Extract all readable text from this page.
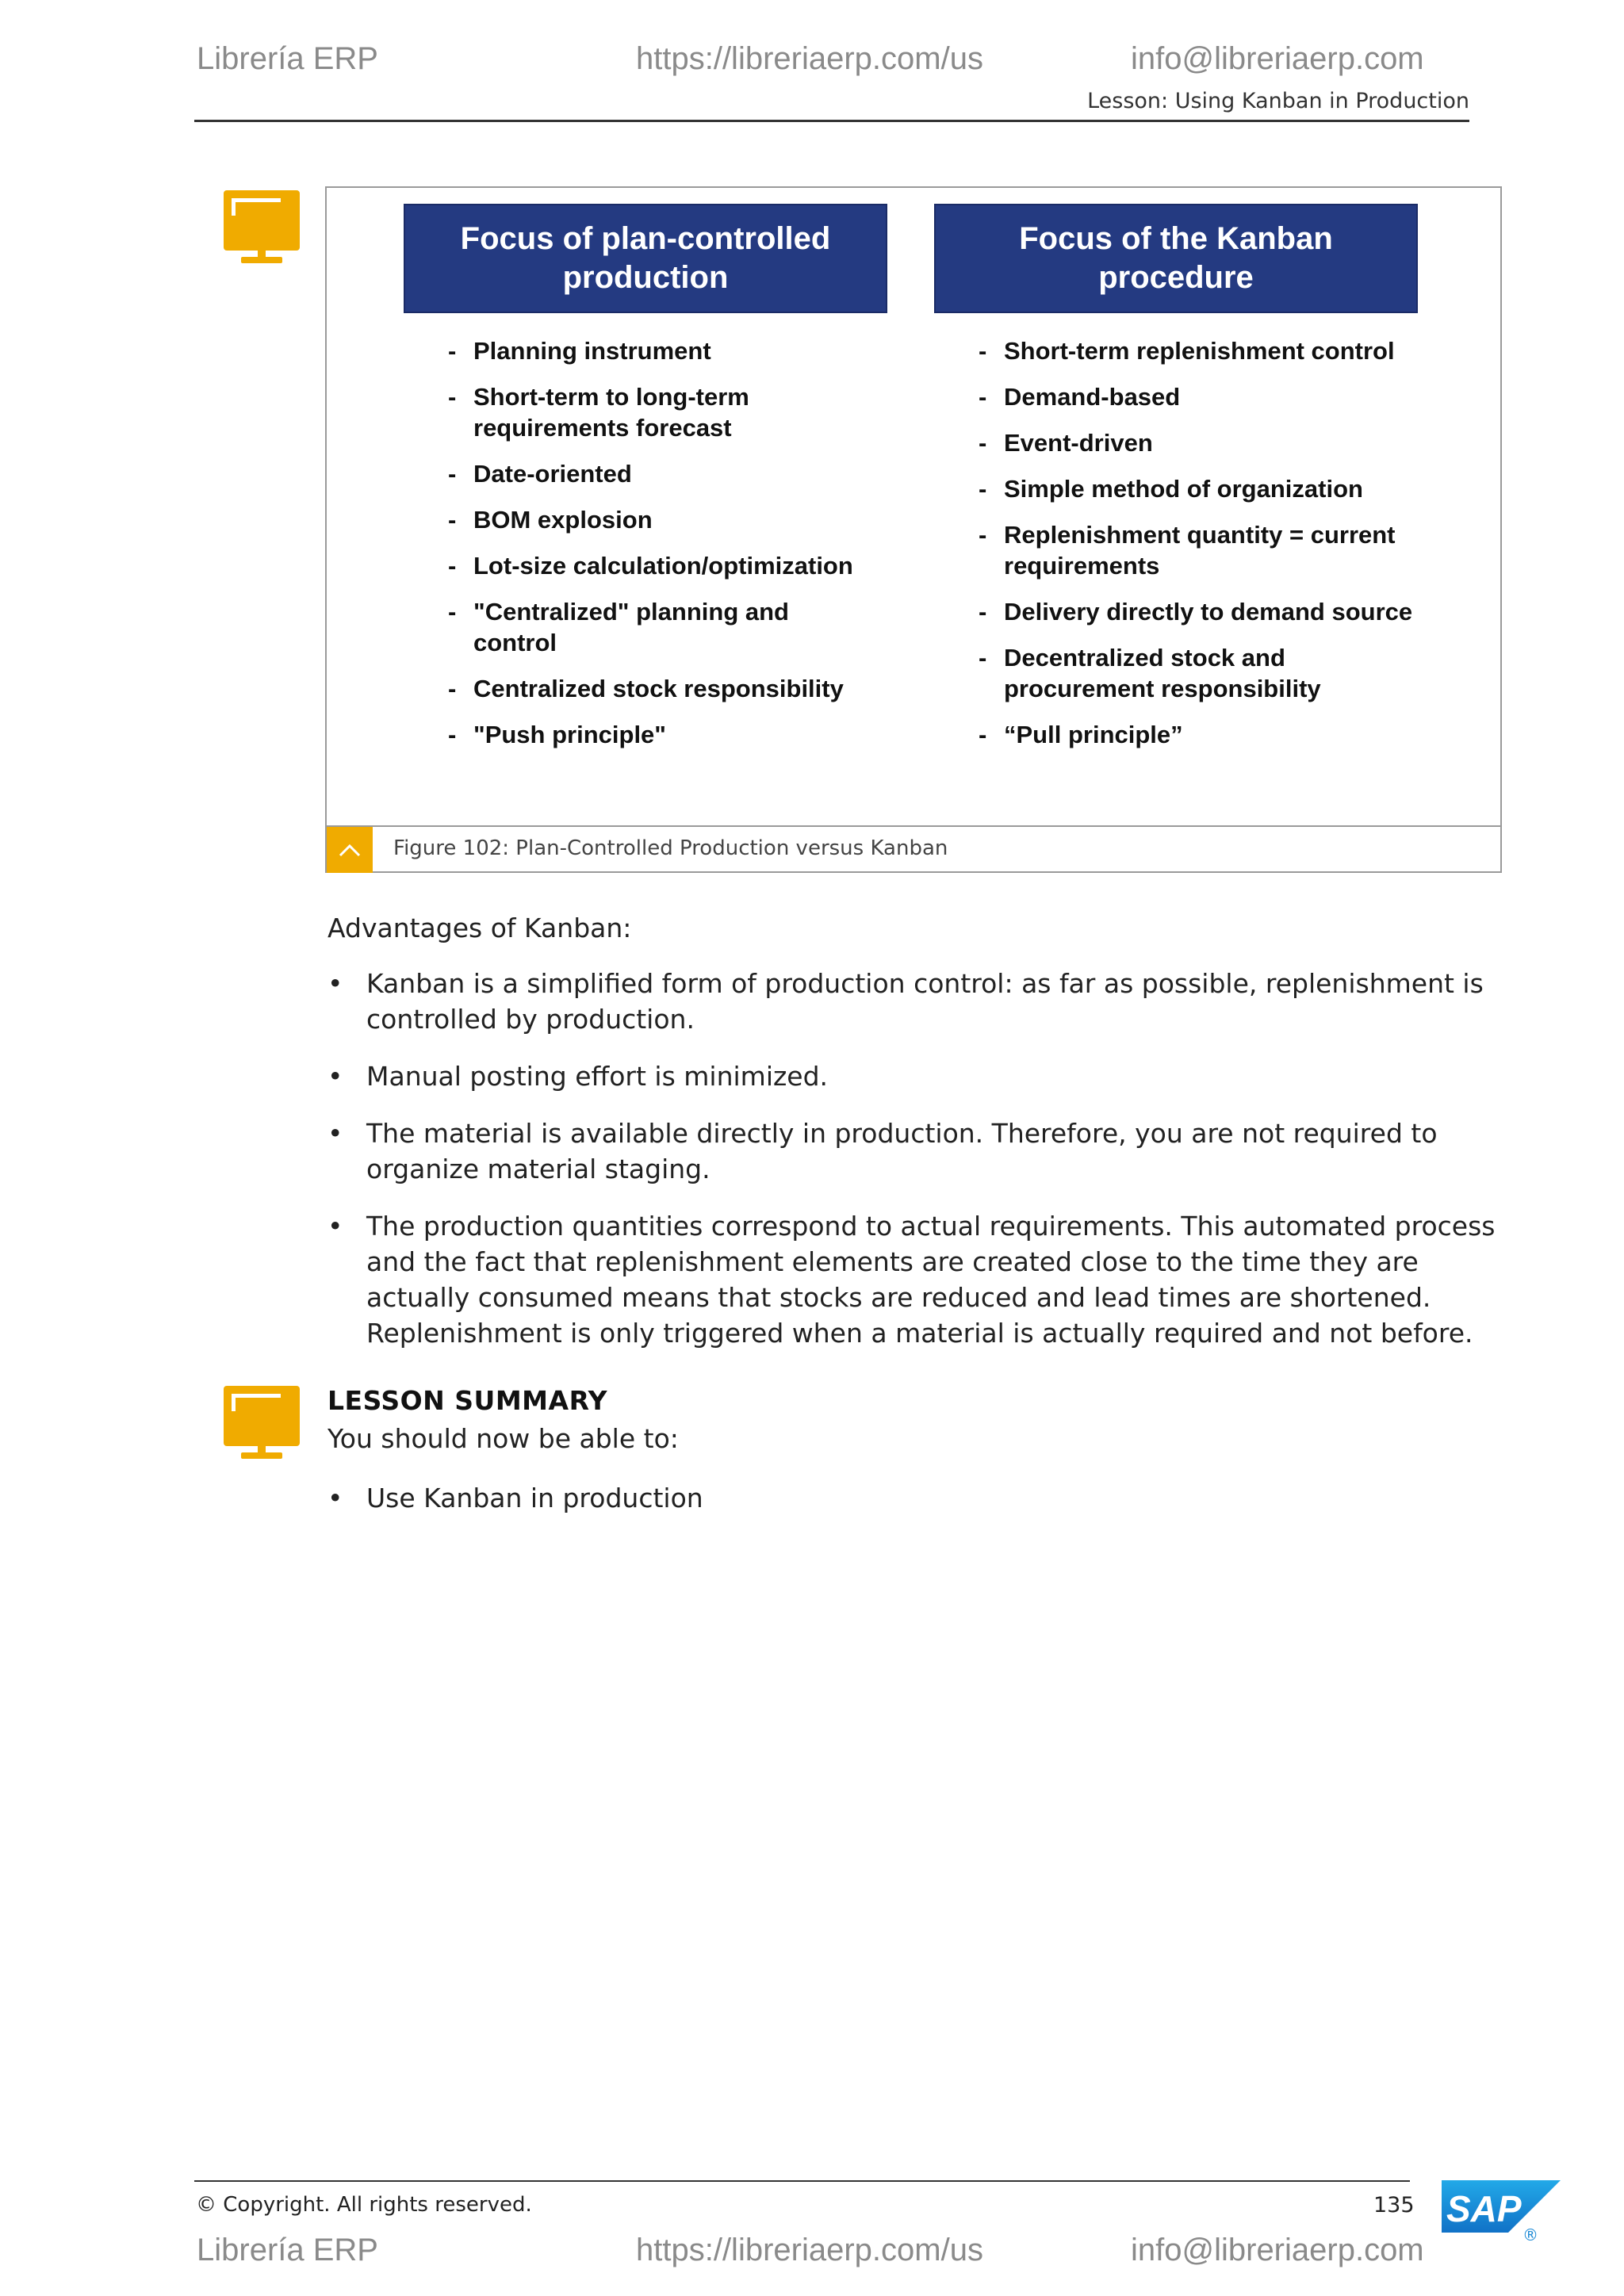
Librería ERP	https://libreriaerp.com/us	info@libreriaerp.com
Lesson: Using Kanban in Production
Focus of plan-controlled production
Focus of the Kanban procedure
- Planning instrument
- Short-term to long-term requirements forecast
- Date-oriented
- BOM explosion
- Lot-size calculation/optimization
- "Centralized" planning and control
- Centralized stock responsibility
- "Push principle"
- Short-term replenishment control
- Demand-based
- Event-driven
- Simple method of organization
- Replenishment quantity = current requirements
- Delivery directly to demand source
- Decentralized stock and procurement responsibility
- “Pull principle”
Figure 102: Plan-Controlled Production versus Kanban
Advantages of Kanban:
• Kanban is a simplified form of production control: as far as possible, replenishment is controlled by production.
• Manual posting effort is minimized.
• The material is available directly in production. Therefore, you are not required to organize material staging.
• The production quantities correspond to actual requirements. This automated process and the fact that replenishment elements are created close to the time they are actually consumed means that stocks are reduced and lead times are shortened. Replenishment is only triggered when a material is actually required and not before.
LESSON SUMMARY
You should now be able to:
• Use Kanban in production
© Copyright. All rights reserved.	135 SAP
®
Librería ERP	https://libreriaerp.com/us	info@libreriaerp.com
